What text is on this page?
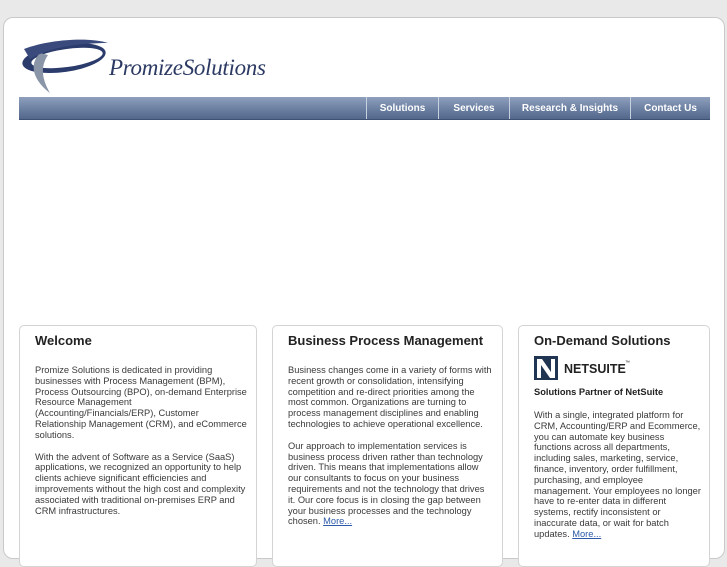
PromizeSolutions
Solutions	Services	Research & Insights	Contact Us
Welcome

Promize Solutions is dedicated in providing businesses with Process Management (BPM), Process Outsourcing (BPO), on-demand Enterprise Resource Management (Accounting/Financials/ERP), Customer Relationship Management (CRM), and eCommerce solutions.

With the advent of Software as a Service (SaaS) applications, we recognized an opportunity to help clients achieve significant efficiencies and improvements without the high cost and complexity associated with traditional on-premises ERP and CRM infrastructures.

Business Process Management

Business changes come in a variety of forms with recent growth or consolidation, intensifying competition and re-direct priorities among the most common. Organizations are turning to process management disciplines and enabling technologies to achieve operational excellence.

Our approach to implementation services is business process driven rather than technology driven. This means that implementations allow our consultants to focus on your business requirements and not the technology that drives it. Our core focus is in closing the gap between your business processes and the technology chosen. More...

On-Demand Solutions
NETSUITE ™
Solutions Partner of NetSuite

With a single, integrated platform for CRM, Accounting/ERP and Ecommerce, you can automate key business functions across all departments, including sales, marketing, service, finance, inventory, order fulfillment, purchasing, and employee management. Your employees no longer have to re-enter data in different systems, rectify inconsistent or inaccurate data, or wait for batch updates. More...
